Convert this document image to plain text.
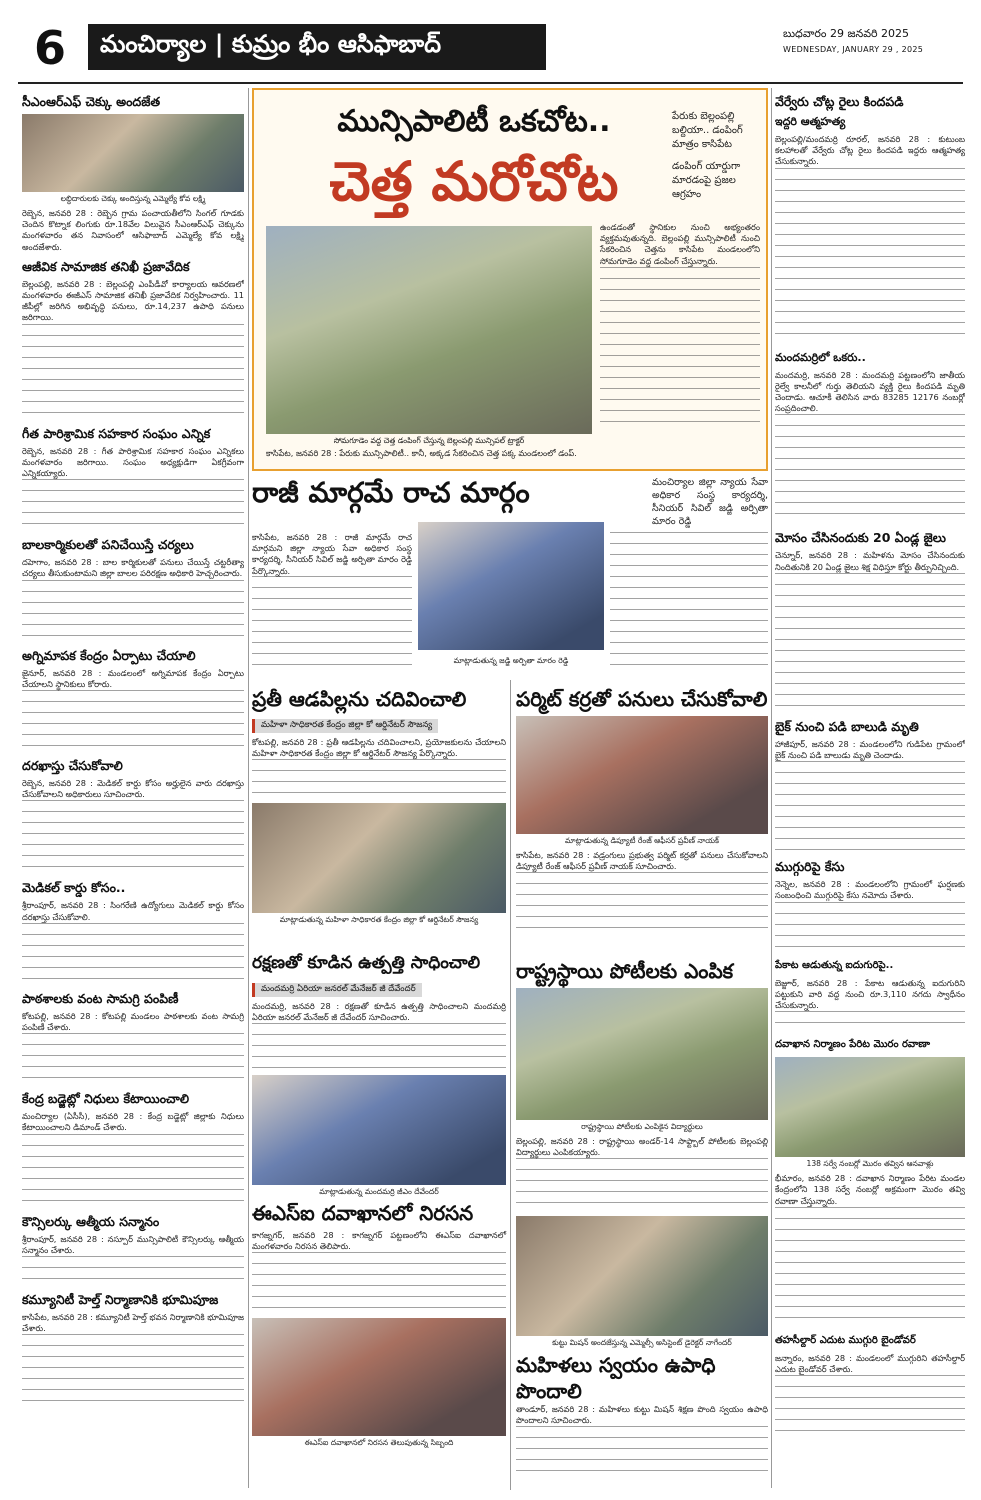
6	మంచిర్యాల | కుమ్రం భీం ఆసిఫాబాద్	బుధవారం 29 జనవరి 2025
WEDNESDAY, JANUARY 29 , 2025
సీఎంఆర్ఎఫ్ చెక్కు అందజేత
లబ్ధిదారులకు చెక్కు అందిస్తున్న ఎమ్మెల్యే కోవ లక్ష్మి
రెబ్బెన, జనవరి 28 : రెబ్బెన గ్రామ పంచాయతీలోని సింగల్ గూడకు చెందిన కొట్నాక లింగుకు రూ.18వేల విలువైన సీఎంఆర్ఎఫ్ చెక్కును మంగళవారం తన నివాసంలో ఆసిఫాబాద్ ఎమ్మెల్యే కోవ లక్ష్మి అందజేశారు.
ఆజీవిక సామాజిక తనిఖీ ప్రజావేదిక
బెల్లంపల్లి, జనవరి 28 : బెల్లంపల్లి ఎంపీడీవో కార్యాలయ ఆవరణలో మంగళవారం ఈజీఎస్ సామాజిక తనిఖీ ప్రజావేదిక నిర్వహించారు. 11 జీపీల్లో జరిగిన అభివృద్ధి పనులు, రూ.14,237 ఉపాధి పనులు జరిగాయి.
గీత పారిశ్రామిక సహకార సంఘం ఎన్నిక
రెబ్బెన, జనవరి 28 : గీత పారిశ్రామిక సహకార సంఘం ఎన్నికలు మంగళవారం జరిగాయి. సంఘం అధ్యక్షుడిగా ఏకగ్రీవంగా ఎన్నికయ్యారు.
బాలకార్మికులతో పనిచేయిస్తే చర్యలు
దహెగాం, జనవరి 28 : బాల కార్మికులతో పనులు చేయిస్తే చట్టరీత్యా చర్యలు తీసుకుంటామని జిల్లా బాలల పరిరక్షణ అధికారి హెచ్చరించారు.
అగ్నిమాపక కేంద్రం ఏర్పాటు చేయాలి
జైనూర్, జనవరి 28 : మండలంలో అగ్నిమాపక కేంద్రం ఏర్పాటు చేయాలని స్థానికులు కోరారు.
దరఖాస్తు చేసుకోవాలి
రెబ్బెన, జనవరి 28 : మెడికల్ కార్డు కోసం అర్హులైన వారు దరఖాస్తు చేసుకోవాలని అధికారులు సూచించారు.
మెడికల్ కార్డు కోసం..
శ్రీరాంపూర్, జనవరి 28 : సింగరేణి ఉద్యోగులు మెడికల్ కార్డు కోసం దరఖాస్తు చేసుకోవాలి.
పాఠశాలకు వంట సామగ్రి పంపిణీ
కోటపల్లి, జనవరి 28 : కోటపల్లి మండలం పాఠశాలకు వంట సామగ్రి పంపిణీ చేశారు.
కేంద్ర బడ్జెట్లో నిధులు కేటాయించాలి
మంచిర్యాల (ఏసీసీ), జనవరి 28 : కేంద్ర బడ్జెట్లో జిల్లాకు నిధులు కేటాయించాలని డిమాండ్ చేశారు.
కౌన్సిలర్కు ఆత్మీయ సన్మానం
శ్రీరాంపూర్, జనవరి 28 : నస్పూర్ మున్సిపాలిటీ కౌన్సిలర్కు ఆత్మీయ సన్మానం చేశారు.
కమ్యూనిటీ హెల్త్ నిర్మాణానికి భూమిపూజ
కాసిపేట, జనవరి 28 : కమ్యూనిటీ హెల్త్ భవన నిర్మాణానికి భూమిపూజ చేశారు.
మున్సిపాలిటీ ఒకచోట..
చెత్త మరోచోట
పేరుకు బెల్లంపల్లి బల్దియా.. డంపింగ్ మాత్రం కాసిపేట
డంపింగ్ యార్డుగా మారడంపై ప్రజల ఆగ్రహం
సోమగూడెం వద్ద చెత్త డంపింగ్ చేస్తున్న బెల్లంపల్లి మున్సిపల్ ట్రాక్టర్
ఉండడంతో స్థానికుల నుంచి అభ్యంతరం వ్యక్తమవుతున్నది. బెల్లంపల్లి మున్సిపాలిటీ నుంచి సేకరించిన చెత్తను కాసిపేట మండలంలోని సోమగూడెం వద్ద డంపింగ్ చేస్తున్నారు.
కాసిపేట, జనవరి 28 : పేరుకు మున్సిపాలిటీ.. కానీ, అక్కడ సేకరించిన చెత్త పక్క మండలంలో డంప్.
రాజీ మార్గమే రాచ మార్గం	మంచిర్యాల జిల్లా న్యాయ సేవా అధికార సంస్థ కార్యదర్శి, సీనియర్ సివిల్ జడ్జి అర్పితా మారం రెడ్డి
కాసిపేట, జనవరి 28 : రాజీ మార్గమే రాచ మార్గమని జిల్లా న్యాయ సేవా అధికార సంస్థ కార్యదర్శి, సీనియర్ సివిల్ జడ్జి అర్పితా మారం రెడ్డి పేర్కొన్నారు.
మాట్లాడుతున్న జడ్జి అర్పితా మారం రెడ్డి
ప్రతీ ఆడపిల్లను చదివించాలి
మహిళా సాధికారత కేంద్రం జిల్లా కో ఆర్డినేటర్ సౌజన్య
కోటపల్లి, జనవరి 28 : ప్రతీ ఆడపిల్లను చదివించాలని, ప్రయోజకులను చేయాలని మహిళా సాధికారత కేంద్రం జిల్లా కో ఆర్డినేటర్ సౌజన్య పేర్కొన్నారు.
మాట్లాడుతున్న మహిళా సాధికారత కేంద్రం జిల్లా కో ఆర్డినేటర్ సౌజన్య
పర్మిట్ కర్రతో పనులు చేసుకోవాలి
మాట్లాడుతున్న డిప్యూటీ రేంజ్ ఆఫీసర్ ప్రవీణ్ నాయక్
కాసిపేట, జనవరి 28 : వడ్రంగులు ప్రభుత్వ పర్మిట్ కర్రతో పనులు చేసుకోవాలని డిప్యూటీ రేంజ్ ఆఫీసర్ ప్రవీణ్ నాయక్ సూచించారు.
రక్షణతో కూడిన ఉత్పత్తి సాధించాలి
మందమర్రి ఏరియా జనరల్ మేనేజర్ జీ దేవేందర్
మందమర్రి, జనవరి 28 : రక్షణతో కూడిన ఉత్పత్తి సాధించాలని మందమర్రి ఏరియా జనరల్ మేనేజర్ జీ దేవేందర్ సూచించారు.
మాట్లాడుతున్న మందమర్రి జీఎం దేవేందర్
రాష్ట్రస్థాయి పోటీలకు ఎంపిక
రాష్ట్రస్థాయి పోటీలకు ఎంపికైన విద్యార్థులు
బెల్లంపల్లి, జనవరి 28 : రాష్ట్రస్థాయి అండర్-14 సాఫ్ట్బాల్ పోటీలకు బెల్లంపల్లి విద్యార్థులు ఎంపికయ్యారు.
ఈఎస్ఐ దవాఖానలో నిరసన
కాగజ్నగర్, జనవరి 28 : కాగజ్నగర్ పట్టణంలోని ఈఎస్ఐ దవాఖానలో మంగళవారం నిరసన తెలిపారు.
ఈఎస్ఐ దవాఖానలో నిరసన తెలుపుతున్న సిబ్బంది
కుట్టు మిషన్ అందజేస్తున్న ఎమ్మెల్సీ అసిస్టెంట్ డైరెక్టర్ నాగేందర్
మహిళలు స్వయం ఉపాధి పొందాలి
తాండూర్, జనవరి 28 : మహిళలు కుట్టు మిషన్ శిక్షణ పొంది స్వయం ఉపాధి పొందాలని సూచించారు.
వేర్వేరు చోట్ల రైలు కిందపడి
ఇద్దరి ఆత్మహత్య
బెల్లంపల్లి/మందమర్రి రూరల్, జనవరి 28 : కుటుంబ కలహాలతో వేర్వేరు చోట్ల రైలు కిందపడి ఇద్దరు ఆత్మహత్య చేసుకున్నారు.
మందమర్రిలో ఒకరు..
మందమర్రి, జనవరి 28 : మందమర్రి పట్టణంలోని జాతీయ రైల్వే కాలనీలో గుర్తు తెలియని వ్యక్తి రైలు కిందపడి మృతి చెందాడు. ఆచూకీ తెలిసిన వారు 83285 12176 నంబర్లో సంప్రదించాలి.
మోసం చేసినందుకు 20 ఏండ్ల జైలు
చెన్నూర్, జనవరి 28 : మహిళను మోసం చేసినందుకు నిందితునికి 20 ఏండ్ల జైలు శిక్ష విధిస్తూ కోర్టు తీర్పునిచ్చింది.
బైక్ నుంచి పడి బాలుడి మృతి
హాజీపూర్, జనవరి 28 : మండలంలోని గుడిపేట గ్రామంలో బైక్ నుంచి పడి బాలుడు మృతి చెందాడు.
ముగ్గురిపై కేసు
నెన్నెల, జనవరి 28 : మండలంలోని గ్రామంలో ఘర్షణకు సంబంధించి ముగ్గురిపై కేసు నమోదు చేశారు.
పేకాట ఆడుతున్న ఐదుగురిపై..
బెజ్జూర్, జనవరి 28 : పేకాట ఆడుతున్న ఐదుగురిని పట్టుకుని వారి వద్ద నుంచి రూ.3,110 నగదు స్వాధీనం చేసుకున్నారు.
దవాఖాన నిర్మాణం పేరిట మొరం రవాణా
138 సర్వే నంబర్లో మొరం తవ్విన ఆనవాళ్లు
భీమారం, జనవరి 28 : దవాఖాన నిర్మాణం పేరిట మండల కేంద్రంలోని 138 సర్వే నంబర్లో అక్రమంగా మొరం తవ్వి రవాణా చేస్తున్నారు.
తహసీల్దార్ ఎదుట ముగ్గురి బైండోవర్
జన్నారం, జనవరి 28 : మండలంలో ముగ్గురిని తహసీల్దార్ ఎదుట బైండోవర్ చేశారు.
